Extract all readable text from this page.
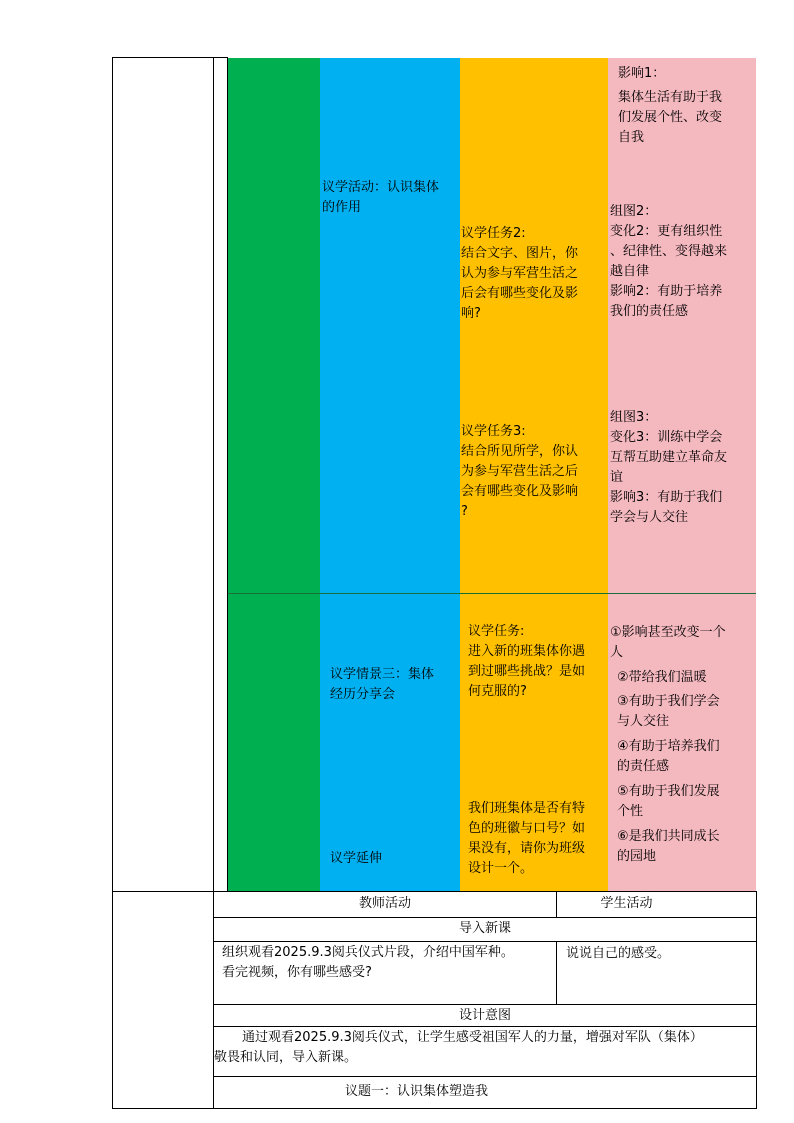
议学活动：认识集体
的作用
议学任务2:
结合文字、图片，你
认为参与军营生活之
后会有哪些变化及影
响?
议学任务3:
结合所见所学，你认
为参与军营生活之后
会有哪些变化及影响
?
影响1：
集体生活有助于我
们发展个性、改变
自我
组图2：
变化2：更有组织性
、纪律性、变得越来
越自律
影响2：有助于培养
我们的责任感
组图3：
变化3：训练中学会
互帮互助建立革命友
谊
影响3：有助于我们
学会与人交往
议学情景三：集体
经历分享会
议学延伸
议学任务:
进入新的班集体你遇
到过哪些挑战？是如
何克服的?
我们班集体是否有特
色的班徽与口号？如
果没有，请你为班级
设计一个。
①影响甚至改变一个
人
②带给我们温暖
③有助于我们学会
与人交往
④有助于培养我们
的责任感
⑤有助于我们发展
个性
⑥是我们共同成长
的园地
教师活动	学生活动
导入新课
组织观看2025.9.3阅兵仪式片段，介绍中国军种。
看完视频，你有哪些感受?
说说自己的感受。
设计意图
通过观看2025.9.3阅兵仪式，让学生感受祖国军人的力量，增强对军队（集体）
敬畏和认同，导入新课。
议题一：认识集体塑造我
